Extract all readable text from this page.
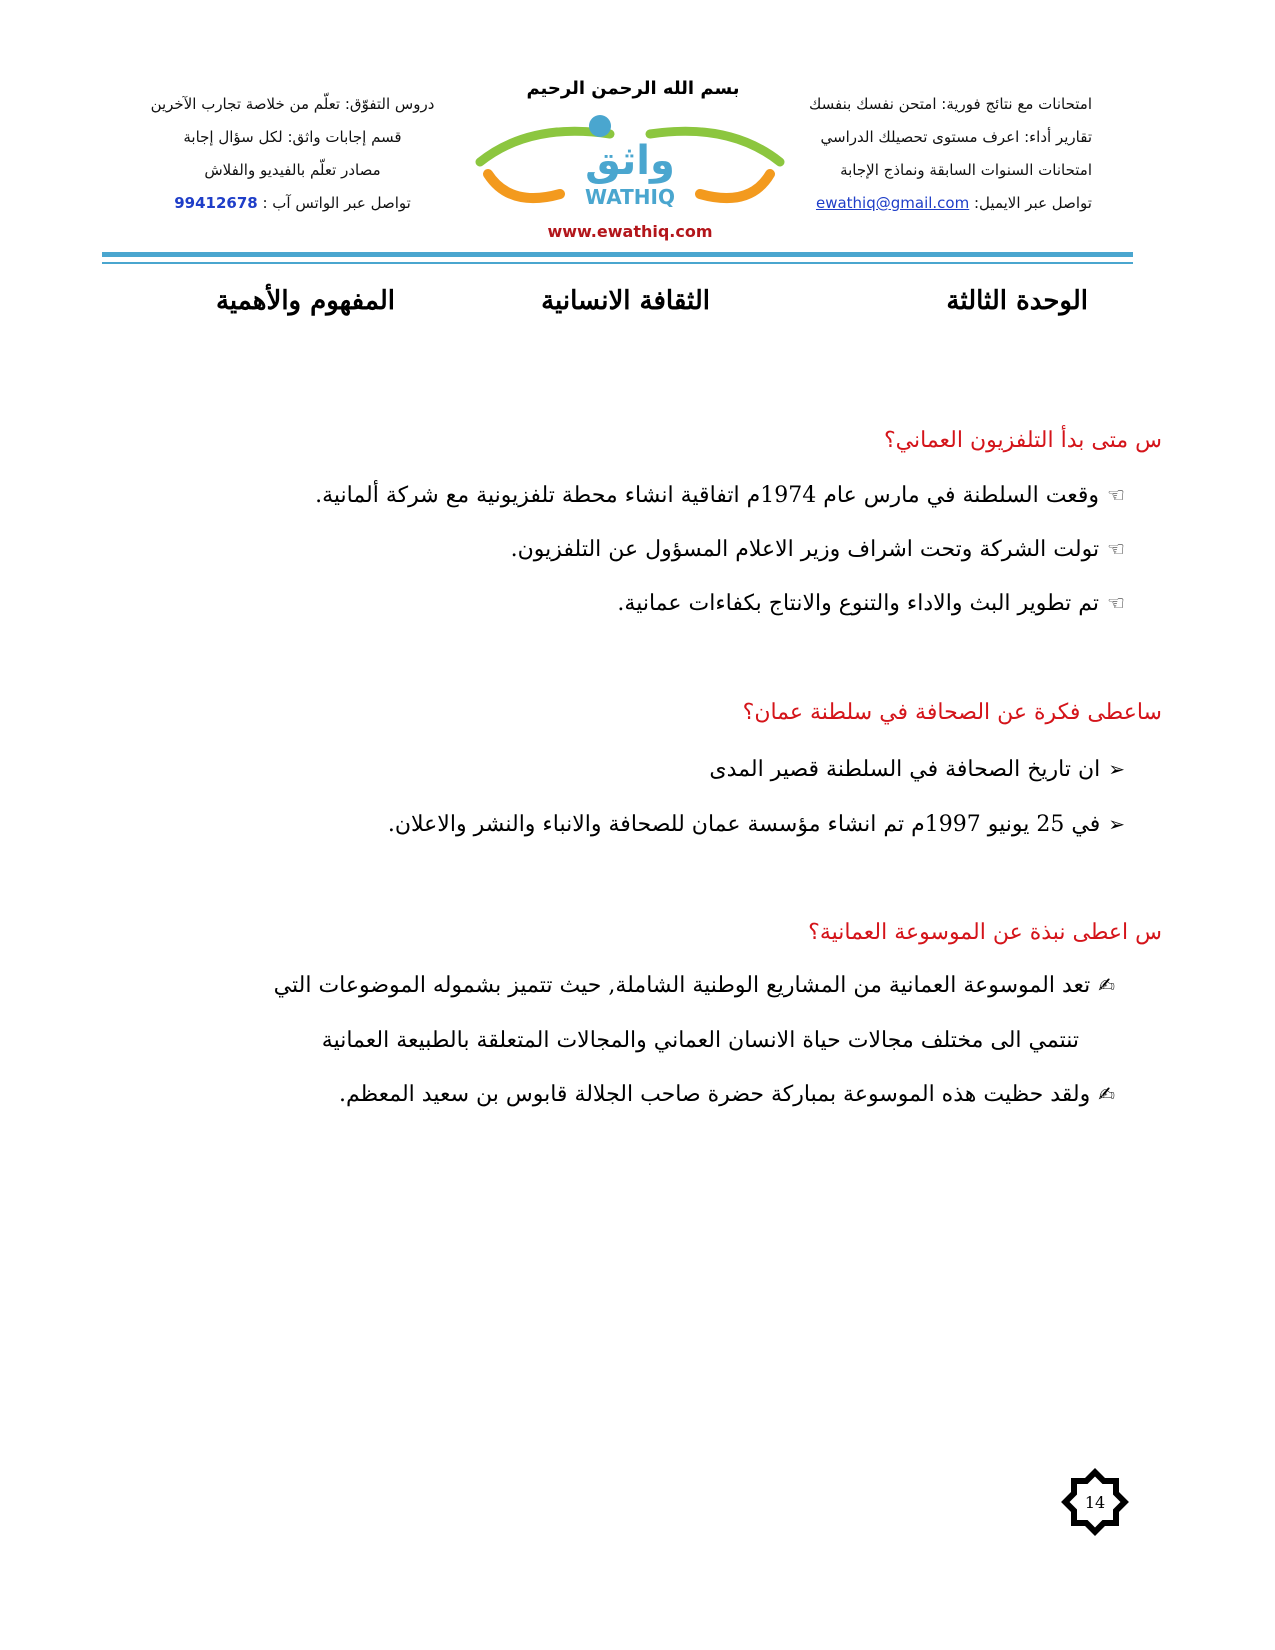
امتحانات مع نتائج فورية: امتحن نفسك بنفسك
تقارير أداء: اعرف مستوى تحصيلك الدراسي
امتحانات السنوات السابقة ونماذج الإجابة
تواصل عبر الايميل: ewathiq@gmail.com
بسم الله الرحمن الرحيم
واثق
WATHIQ
www.ewathiq.com
دروس التفوّق: تعلّم من خلاصة تجارب الآخرين
قسم إجابات واثق: لكل سؤال إجابة
مصادر تعلّم بالفيديو والفلاش
تواصل عبر الواتس آب : 99412678
الوحدة الثالثة
الثقافة الانسانية
المفهوم والأهمية
س متى بدأ التلفزيون العماني؟
☜وقعت السلطنة في مارس عام 1974م اتفاقية انشاء محطة تلفزيونية مع شركة ألمانية.
☜تولت الشركة وتحت اشراف وزير الاعلام المسؤول عن التلفزيون.
☜تم تطوير البث والاداء والتنوع والانتاج بكفاءات عمانية.
ساعطى فكرة عن الصحافة في سلطنة عمان؟
➢ان تاريخ الصحافة في السلطنة قصير المدى
➢في 25 يونيو 1997م تم انشاء مؤسسة عمان للصحافة والانباء والنشر والاعلان.
س اعطى نبذة عن الموسوعة العمانية؟
✍تعد الموسوعة العمانية من المشاريع الوطنية الشاملة, حيث تتميز بشموله الموضوعات التي
تنتمي الى مختلف مجالات حياة الانسان العماني والمجالات المتعلقة بالطبيعة العمانية
✍ولقد حظيت هذه الموسوعة بمباركة حضرة صاحب الجلالة قابوس بن سعيد المعظم.
14
